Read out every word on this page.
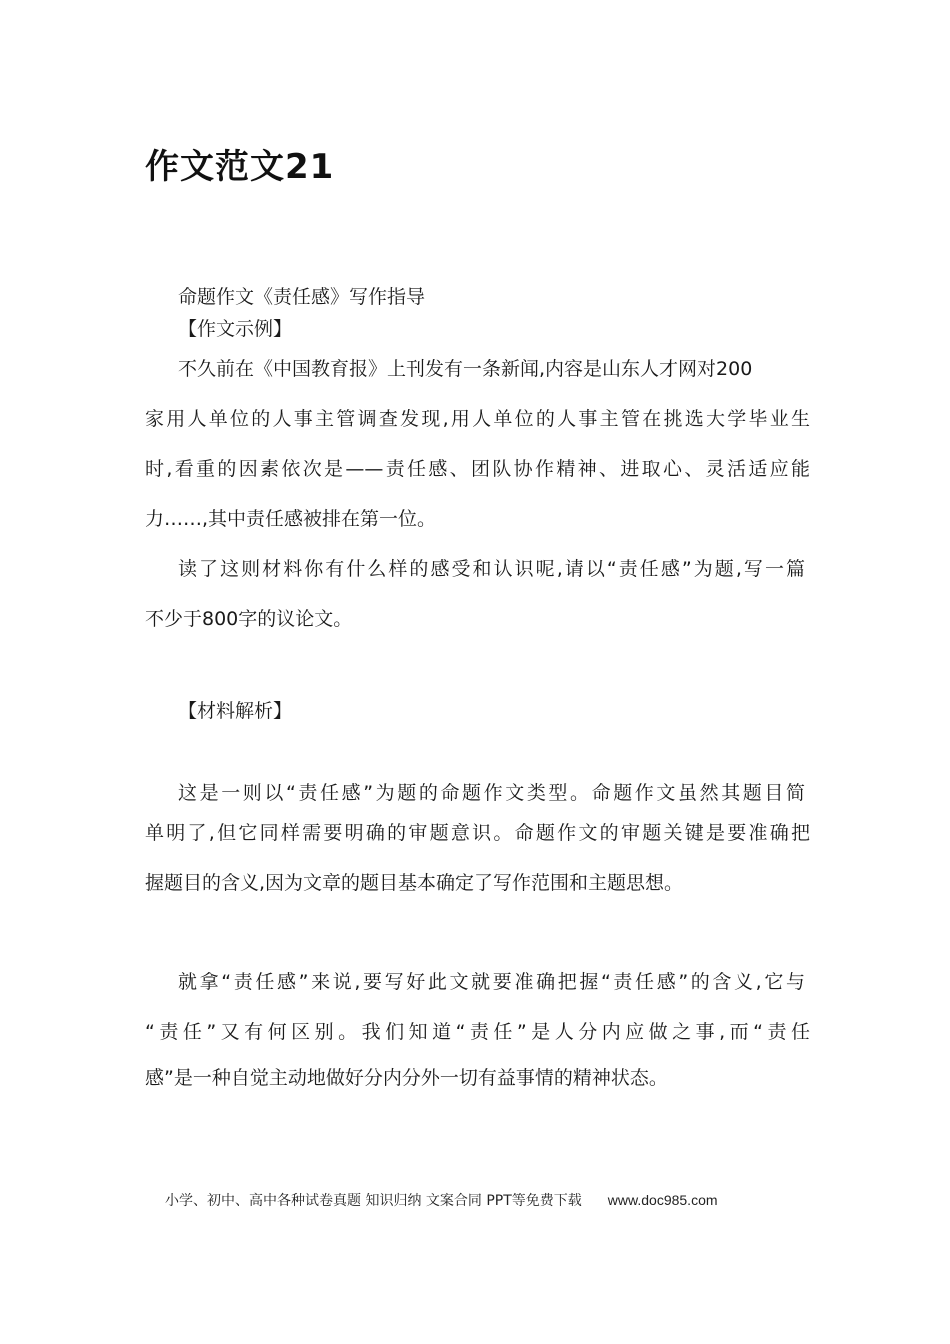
作文范文21
命题作文《责任感》写作指导
【作文示例】
不久前在《中国教育报》上刊发有一条新闻,内容是山东人才网对200
家用人单位的人事主管调查发现,用人单位的人事主管在挑选大学毕业生
时,看重的因素依次是——责任感、团队协作精神、进取心、灵活适应能
力……,其中责任感被排在第一位。
读了这则材料你有什么样的感受和认识呢,请以“责任感”为题,写一篇
不少于800字的议论文。
【材料解析】
这是一则以“责任感”为题的命题作文类型。命题作文虽然其题目简
单明了,但它同样需要明确的审题意识。命题作文的审题关键是要准确把
握题目的含义,因为文章的题目基本确定了写作范围和主题思想。
就拿“责任感”来说,要写好此文就要准确把握“责任感”的含义,它与
“责任”又有何区别。我们知道“责任”是人分内应做之事,而“责任
感”是一种自觉主动地做好分内分外一切有益事情的精神状态。
小学、初中、高中各种试卷真题 知识归纳 文案合同 PPT等免费下载 www.doc985.com
